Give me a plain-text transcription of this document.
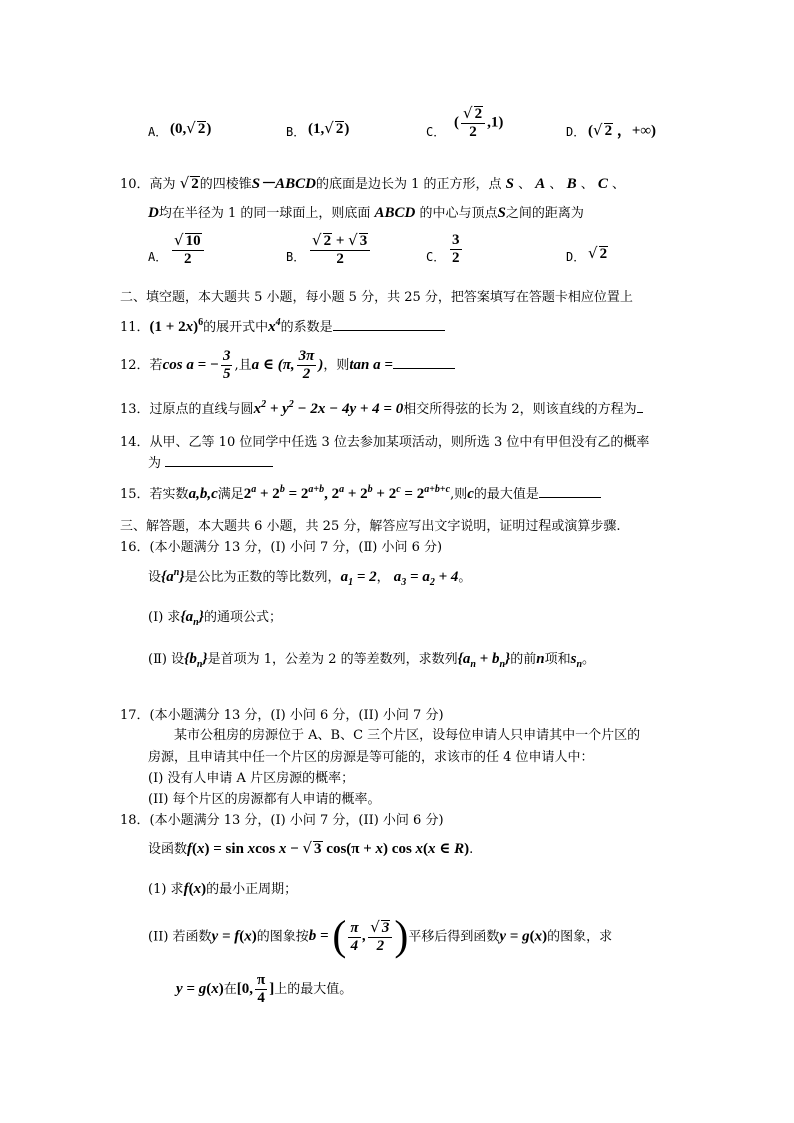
A． (0,√ 2)	B． (1,√ 2)	C．
( $\frac{√ 2}{2} ,1$)
D． (√ 2 ，+∞)
10．高为 √ 2的四棱锥S－ABCD的底面是边长为 1 的正方形，点 S 、 A 、 B 、 C 、
D均在半径为 1 的同一球面上，则底面 ABCD 的中心与顶点S之间的距离为
A． $\frac{√ 10}{2}$	B． $\frac{√ 2 + √ 3}{2}$	C． $\frac{3}{2}$	D． √ 2
二、填空题，本大题共 5 小题，每小题 5 分，共 25 分，把答案填写在答题卡相应位置上
11．$(1 + 2x)^6$的展开式中$x^4$的系数是
12．若cos a = − $\frac{3}{5}$ ,且a ∈ (π, $\frac{3\pi}{2}$ )，则tan a =
13．过原点的直线与圆$x^2 + y^2 - 2x - 4y + 4 = 0$相交所得弦的长为 2，则该直线的方程为
14．从甲、乙等 10 位同学中任选 3 位去参加某项活动，则所选 3 位中有甲但没有乙的概率
为
15．若实数a,b,c满足$2^a + 2^b = 2^{a+b}$, $2^a + 2^b + 2^c = 2^{a+b+c}$,则c的最大值是
三、解答题，本大题共 6 小题，共 25 分，解答应写出文字说明，证明过程或演算步骤.
16．(本小题满分 13 分，(Ⅰ) 小问 7 分，(Ⅱ) 小问 6 分)
设$\{a^n\}$是公比为正数的等比数列，$a_1 = 2$， $a_3 = a_2 + 4$。
(Ⅰ) 求$\{a_n\}$的通项公式；
(Ⅱ) 设$\{b_n\}$是首项为 1，公差为 2 的等差数列，求数列$\{a_n + b_n\}$的前n项和$s_n$。
17．(本小题满分 13 分，(I) 小问 6 分，(II) 小问 7 分)
某市公租房的房源位于 A、B、C 三个片区，设每位申请人只申请其中一个片区的
房源，且申请其中任一个片区的房源是等可能的，求该市的任 4 位申请人中：
(I) 没有人申请 A 片区房源的概率；
(II) 每个片区的房源都有人申请的概率。
18．(本小题满分 13 分，(I) 小问 7 分，(II) 小问 6 分)
设函数f(x) = sin xcos x − √ 3 cos(π + x) cos x(x ∈ R).
(1) 求f(x)的最小正周期；
(II) 若函数y = f(x)的图象按b = ( $\frac{\pi}{4}$ , $\frac{√ 3}{2}$ )平移后得到函数y = g(x)的图象，求
y = g(x)在[0, $\frac{\pi}{4}$ ]上的最大值。
